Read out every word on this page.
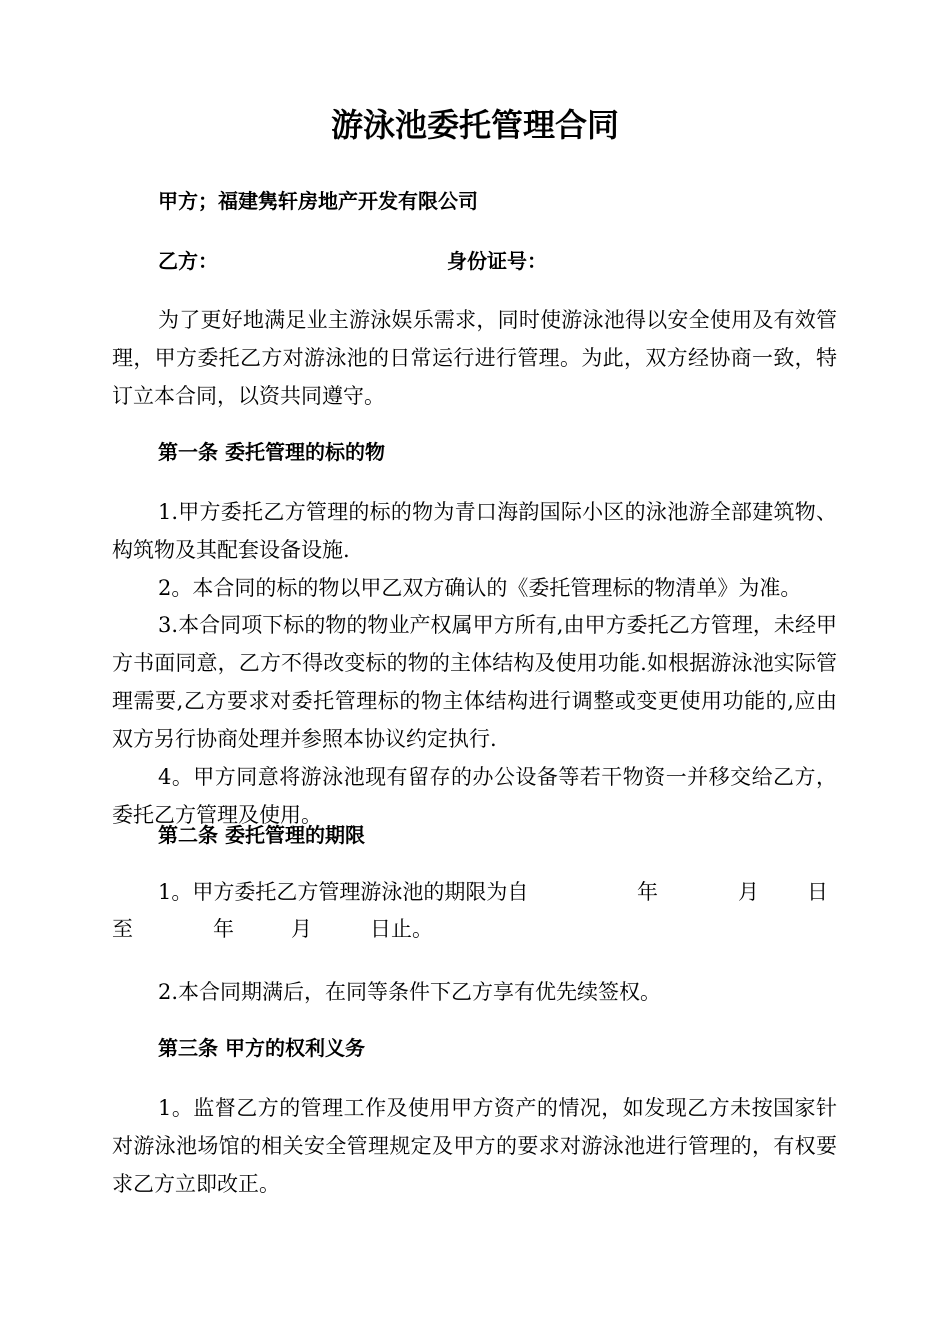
游泳池委托管理合同

甲方；福建隽轩房地产开发有限公司

乙方：	身份证号：

为了更好地满足业主游泳娱乐需求，同时使游泳池得以安全使用及有效管理，甲方委托乙方对游泳池的日常运行进行管理。为此，双方经协商一致，特订立本合同，以资共同遵守。

第一条 委托管理的标的物

1.甲方委托乙方管理的标的物为青口海韵国际小区的泳池游全部建筑物、构筑物及其配套设备设施.

2。本合同的标的物以甲乙双方确认的《委托管理标的物清单》为准。

3.本合同项下标的物的物业产权属甲方所有,由甲方委托乙方管理，未经甲方书面同意，乙方不得改变标的物的主体结构及使用功能.如根据游泳池实际管理需要,乙方要求对委托管理标的物主体结构进行调整或变更使用功能的,应由双方另行协商处理并参照本协议约定执行.

4。甲方同意将游泳池现有留存的办公设备等若干物资一并移交给乙方，委托乙方管理及使用。

第二条 委托管理的期限

1。甲方委托乙方管理游泳池的期限为自	年	月 日
至	年	月	日止。

2.本合同期满后，在同等条件下乙方享有优先续签权。

第三条 甲方的权利义务

1。监督乙方的管理工作及使用甲方资产的情况，如发现乙方未按国家针对游泳池场馆的相关安全管理规定及甲方的要求对游泳池进行管理的，有权要求乙方立即改正。
